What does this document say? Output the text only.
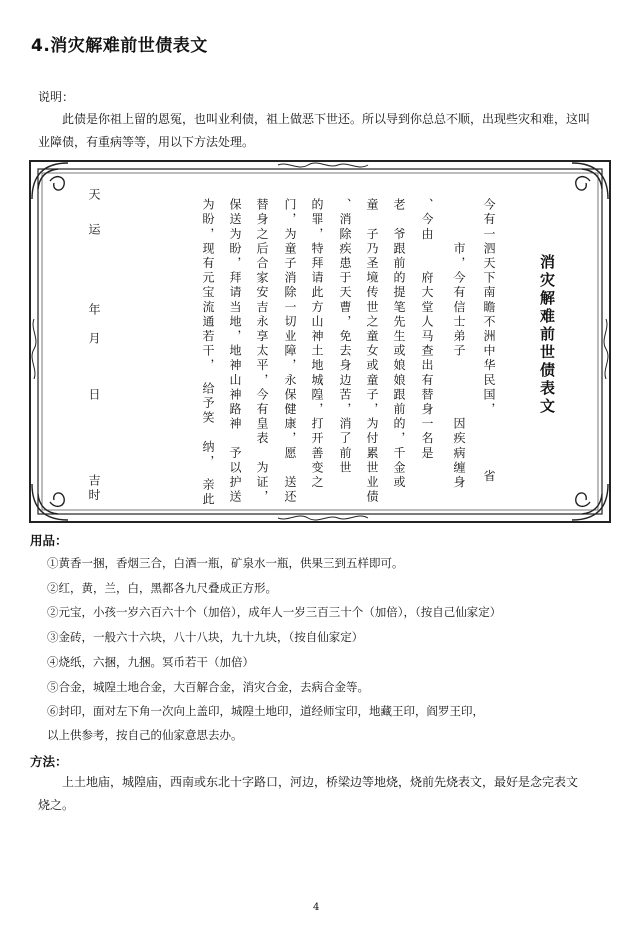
4.消灾解难前世债表文
说明：
此债是你祖上留的恩冤，也叫业利债，祖上做恶下世还。所以导到你总总不顺，出现些灾和难，这叫
业障债，有重病等等，用以下方法处理。
消灾解难前世债表文
今有一泗天下南瞻不洲中华民国，　　　　省
　　　市，今有信士弟子　　　　因疾病缠身
、今由　　府大堂人马查出有替身一名是
老　爷跟前的提笔先生或娘娘跟前的，千金或
童　子乃圣境传世之童女或童子，为付累世业债
、消除疾患于天曹，免去身边苦，消了前世
的罪，特拜请此方山神土地城隍，打开善变之
门，为童子消除一切业障，永保健康，愿　送还
替身之后合家安吉永享太平，今有皇表　为证，
保送为盼，拜请当地，地神山神路神　予以护送
为盼，现有元宝流通若干，　给予笑　纳，　亲此
天
运
年
月
日
吉时
用品：
①黄香一捆，香烟三合，白酒一瓶，矿泉水一瓶，供果三到五样即可。
②红，黄，兰，白，黑都各九尺叠成正方形。
②元宝，小孩一岁六百六十个（加倍），成年人一岁三百三十个（加倍），（按自己仙家定）
③金砖，一般六十六块，八十八块，九十九块，（按自仙家定）
④烧纸，六捆，九捆。冥币若干（加倍）
⑤合金，城隍土地合金，大百解合金，消灾合金，去病合金等。
⑥封印，面对左下角一次向上盖印，城隍土地印，道经师宝印，地藏王印，阎罗王印，
以上供参考，按自己的仙家意思去办。
方法：
上土地庙，城隍庙，西南或东北十字路口，河边，桥梁边等地烧，烧前先烧表文，最好是念完表文
烧之。
4
